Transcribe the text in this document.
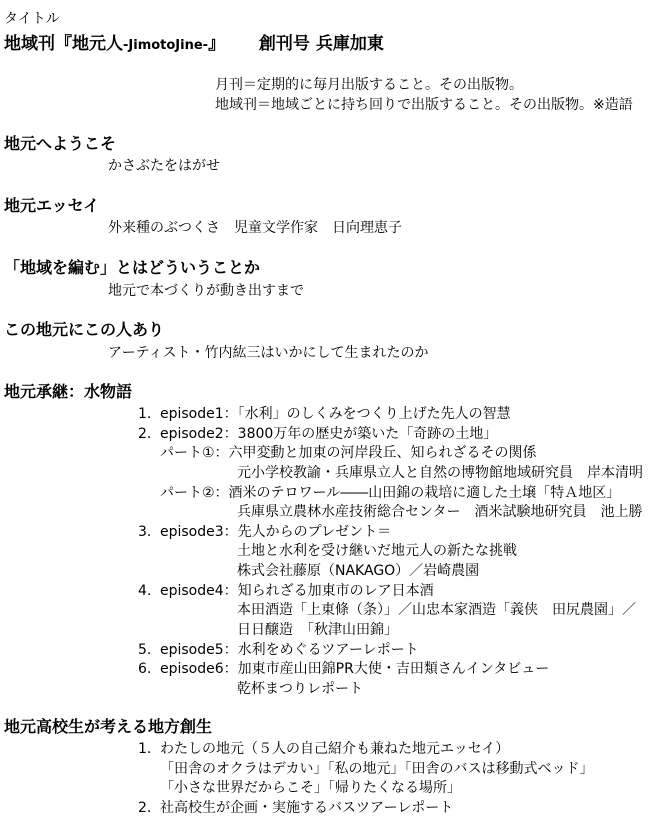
タイトル
地域刊『地元人-JimotoJine-』 創刊号 兵庫加東
月刊＝定期的に毎月出版すること。その出版物。
地域刊＝地域ごとに持ち回りで出版すること。その出版物。※造語
地元へようこそ
かさぶたをはがせ
地元エッセイ
外来種のぶつくさ　児童文学作家　日向理恵子
「地域を編む」とはどういうことか
地元で本づくりが動き出すまで
この地元にこの人あり
アーティスト・竹内紘三はいかにして生まれたのか
地元承継：水物語
1. episode1：「水利」のしくみをつくり上げた先人の智慧
2. episode2：3800万年の歴史が築いた「奇跡の土地」
パート①：六甲変動と加東の河岸段丘、知られざるその関係
元小学校教諭・兵庫県立人と自然の博物館地域研究員　岸本清明
パート②：酒米のテロワール――山田錦の栽培に適した土壌「特Ａ地区」
兵庫県立農林水産技術総合センター　酒米試験地研究員　池上勝
3. episode3：先人からのプレゼント＝
土地と水利を受け継いだ地元人の新たな挑戦
株式会社藤原（NAKAGO）／岩崎農園
4. episode4：知られざる加東市のレア日本酒
本田酒造「上東條（条）」／山忠本家酒造「義侠　田尻農園」／
日日醸造　「秋津山田錦」
5. episode5：水利をめぐるツアーレポート
6. episode6：加東市産山田錦PR大使・吉田類さんインタビュー
乾杯まつりレポート
地元高校生が考える地方創生
1. わたしの地元（５人の自己紹介も兼ねた地元エッセイ）
「田舎のオクラはデカい」「私の地元」「田舎のバスは移動式ベッド」
「小さな世界だからこそ」「帰りたくなる場所」
2. 社高校生が企画・実施するバスツアーレポート
